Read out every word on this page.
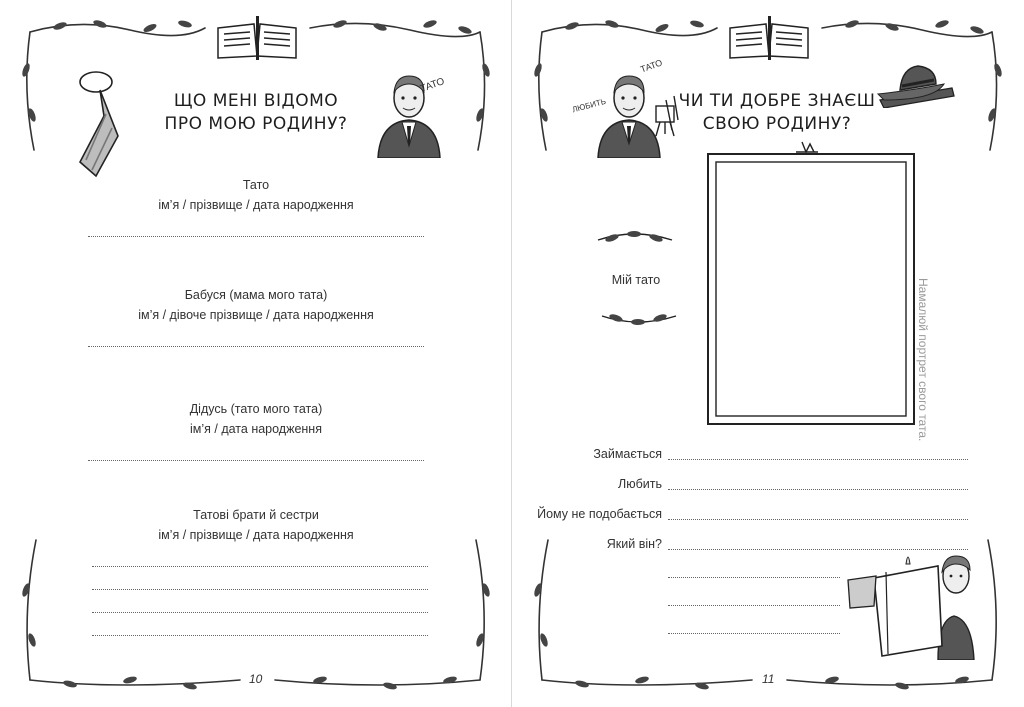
ТАТО
ЩО МЕНІ ВІДОМО
ПРО МОЮ РОДИНУ?
Тато
ім’я / прізвище / дата народження
Бабуся (мама мого тата)
ім’я / дівоче прізвище / дата народження
Дідусь (тато мого тата)
ім’я / дата народження
Татові брати й сестри
ім’я / прізвище / дата народження
10
ТАТО
ЛЮБИТЬ	ЧИ ТИ ДОБРЕ ЗНАЄШ
СВОЮ РОДИНУ?
Мій тато	Намалюй портрет свого тата.
Займається
Любить
Йому не подобається
Який він?
11
